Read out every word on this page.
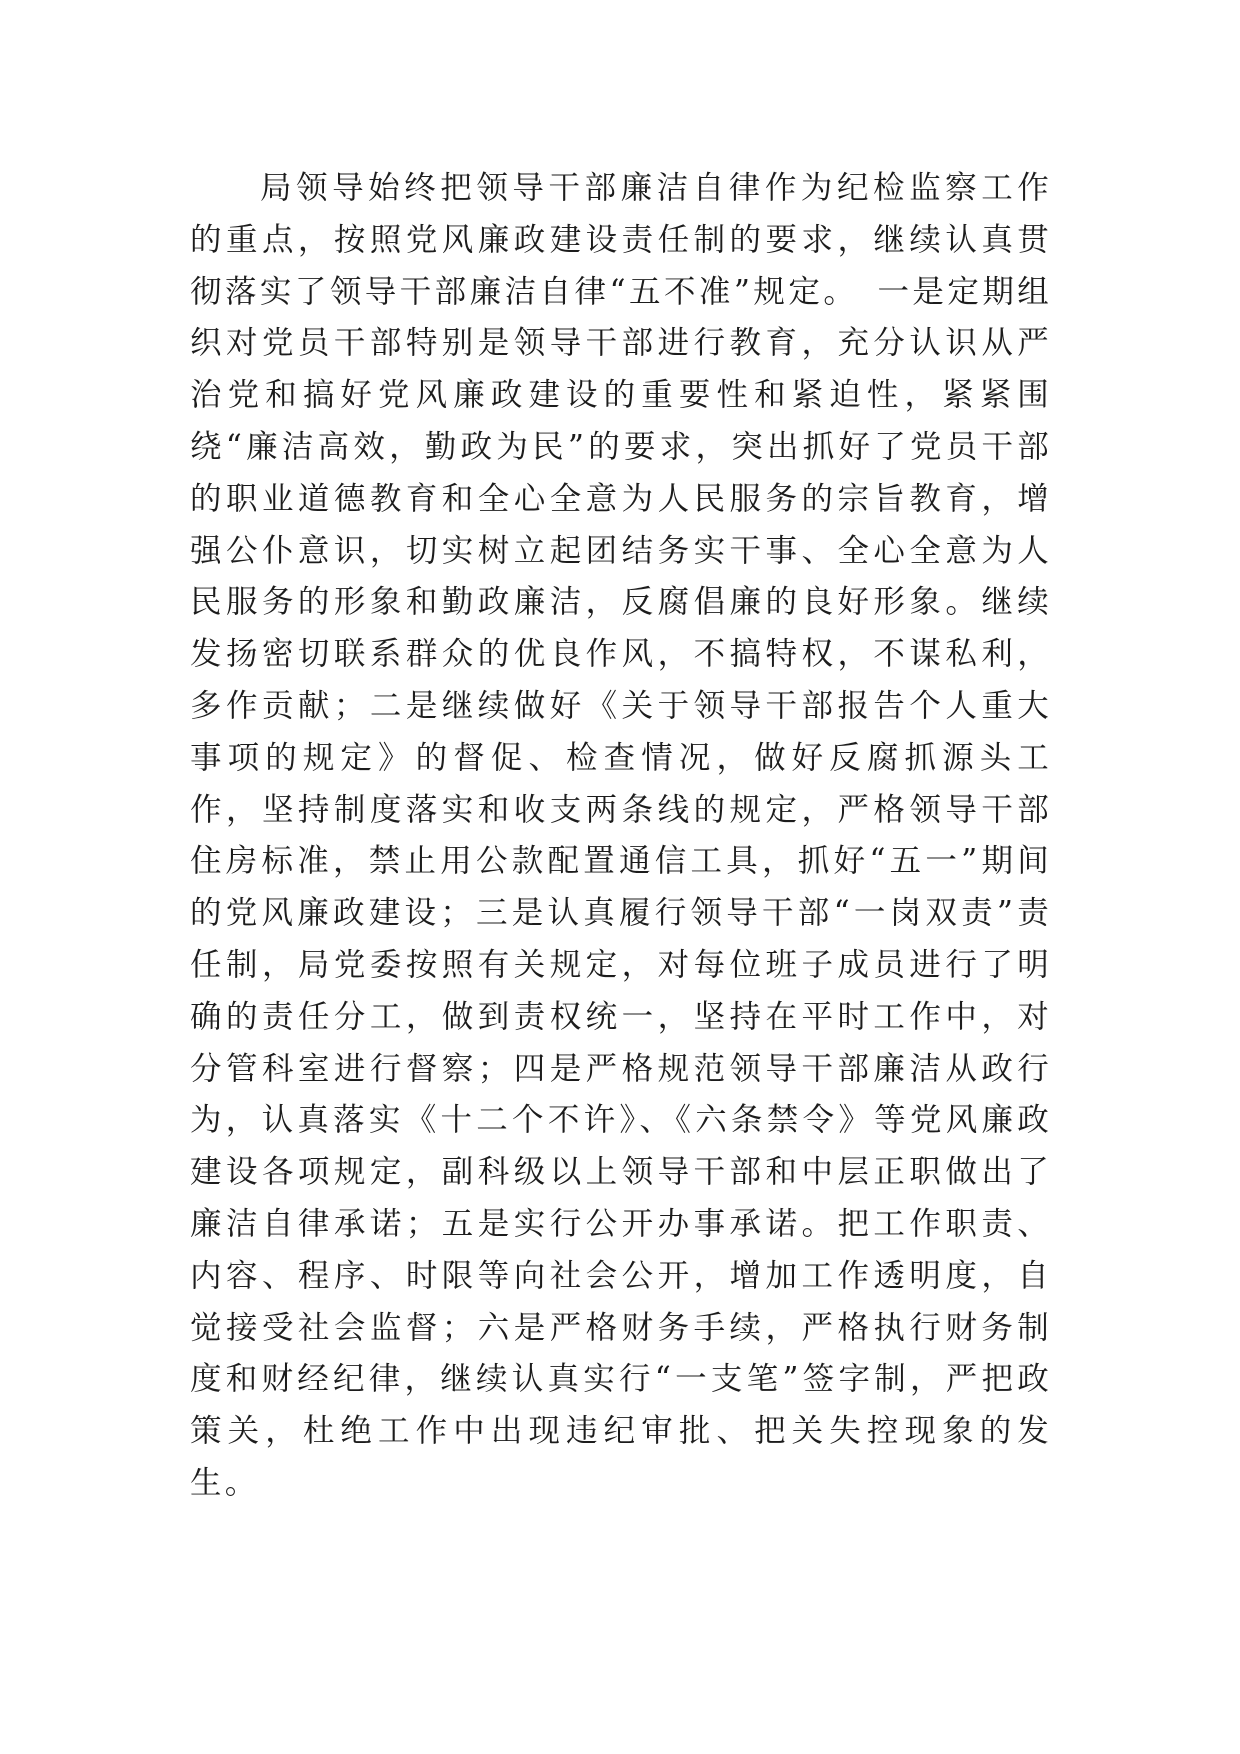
局领导始终把领导干部廉洁自律作为纪检监察工作的重点，按照党风廉政建设责任制的要求，继续认真贯彻落实了领导干部廉洁自律“五不准”规定。　一是定期组织对党员干部特别是领导干部进行教育，充分认识从严治党和搞好党风廉政建设的重要性和紧迫性，紧紧围绕“廉洁高效，勤政为民”的要求，突出抓好了党员干部的职业道德教育和全心全意为人民服务的宗旨教育，增强公仆意识，切实树立起团结务实干事、全心全意为人民服务的形象和勤政廉洁，反腐倡廉的良好形象。继续发扬密切联系群众的优良作风，不搞特权，不谋私利，多作贡献；二是继续做好《关于领导干部报告个人重大事项的规定》的督促、检查情况，做好反腐抓源头工作，坚持制度落实和收支两条线的规定，严格领导干部住房标准，禁止用公款配置通信工具，抓好“五一”期间的党风廉政建设；三是认真履行领导干部“一岗双责”责任制，局党委按照有关规定，对每位班子成员进行了明确的责任分工，做到责权统一，坚持在平时工作中，对分管科室进行督察；四是严格规范领导干部廉洁从政行为，认真落实《十二个不许》、《六条禁令》等党风廉政建设各项规定，副科级以上领导干部和中层正职做出了廉洁自律承诺；五是实行公开办事承诺。把工作职责、内容、程序、时限等向社会公开，增加工作透明度，自觉接受社会监督；六是严格财务手续，严格执行财务制度和财经纪律，继续认真实行“一支笔”签字制，严把政策关，杜绝工作中出现违纪审批、把关失控现象的发生。
